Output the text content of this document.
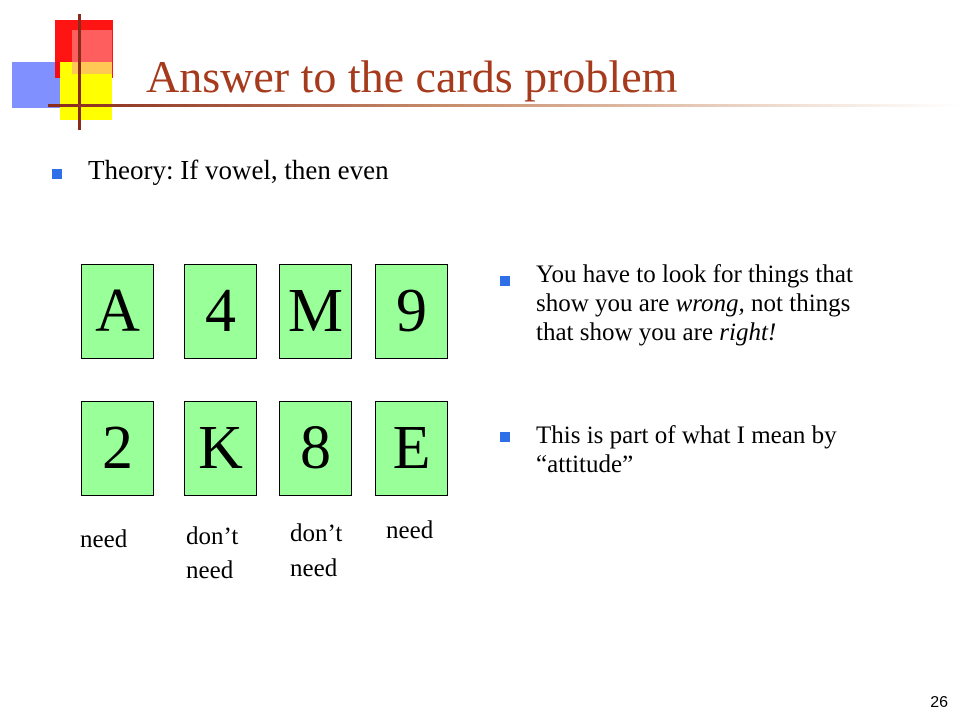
Answer to the cards problem
Theory: If vowel, then even
A	4 M 9
2	K 8 E
need don’t
need
don’t
need
need
You have to look for things that show you are wrong, not things that show you are right!
This is part of what I mean by “attitude”
26
